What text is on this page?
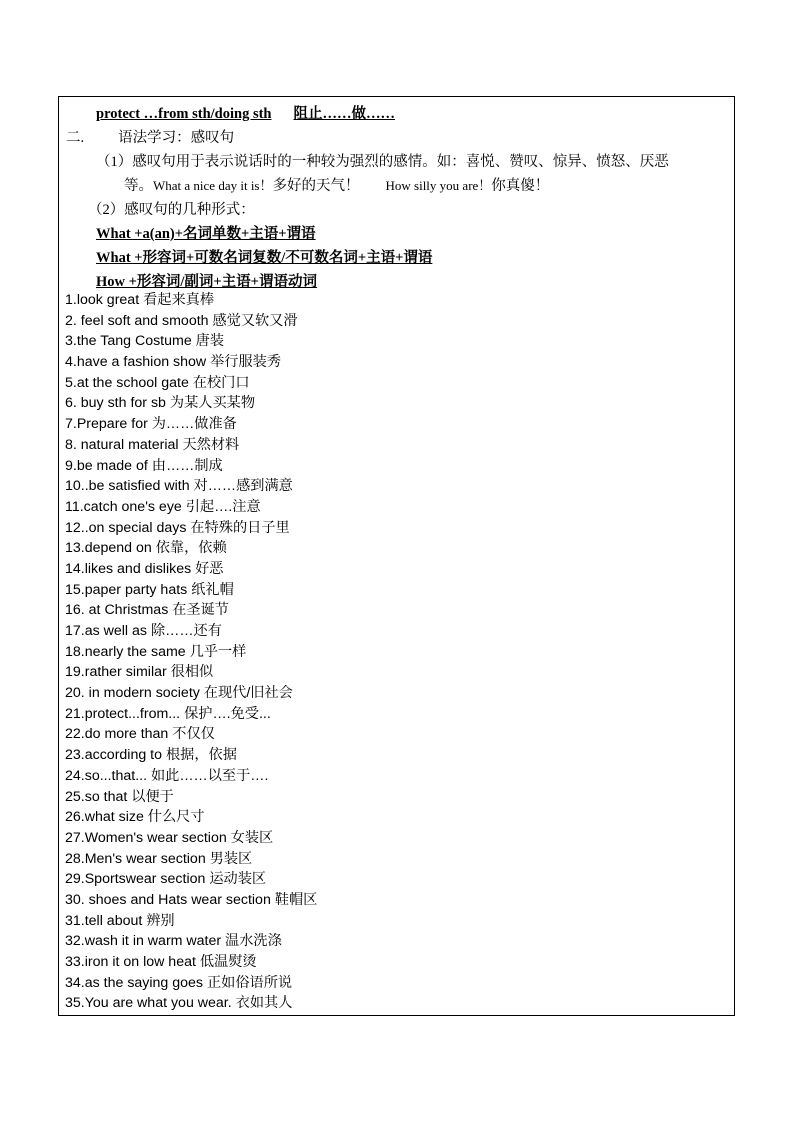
protect …from sth/doing sth 阻止……做……
二. 语法学习：感叹句
（1）感叹句用于表示说话时的一种较为强烈的感情。如：喜悦、赞叹、惊异、愤怒、厌恶
等。What a nice day it is！多好的天气！ How silly you are！你真傻！
（2）感叹句的几种形式：
What +a(an)+名词单数+主语+谓语
What +形容词+可数名词复数/不可数名词+主语+谓语
How +形容词/副词+主语+谓语动词
1.look great 看起来真棒
2. feel soft and smooth 感觉又软又滑
3.the Tang Costume 唐装
4.have a fashion show 举行服装秀
5.at the school gate 在校门口
6. buy sth for sb 为某人买某物
7.Prepare for 为……做准备
8. natural material 天然材料
9.be made of 由……制成
10..be satisfied with 对……感到满意
11.catch one's eye 引起….注意
12..on special days 在特殊的日子里
13.depend on 依靠，依赖
14.likes and dislikes 好恶
15.paper party hats 纸礼帽
16. at Christmas 在圣诞节
17.as well as 除……还有
18.nearly the same 几乎一样
19.rather similar 很相似
20. in modern society 在现代/旧社会
21.protect...from... 保护….免受...
22.do more than 不仅仅
23.according to 根据，依据
24.so...that... 如此……以至于….
25.so that 以便于
26.what size 什么尺寸
27.Women's wear section 女装区
28.Men's wear section 男装区
29.Sportswear section 运动装区
30. shoes and Hats wear section 鞋帽区
31.tell about 辨别
32.wash it in warm water 温水洗涤
33.iron it on low heat 低温熨烫
34.as the saying goes 正如俗语所说
35.You are what you wear. 衣如其人
